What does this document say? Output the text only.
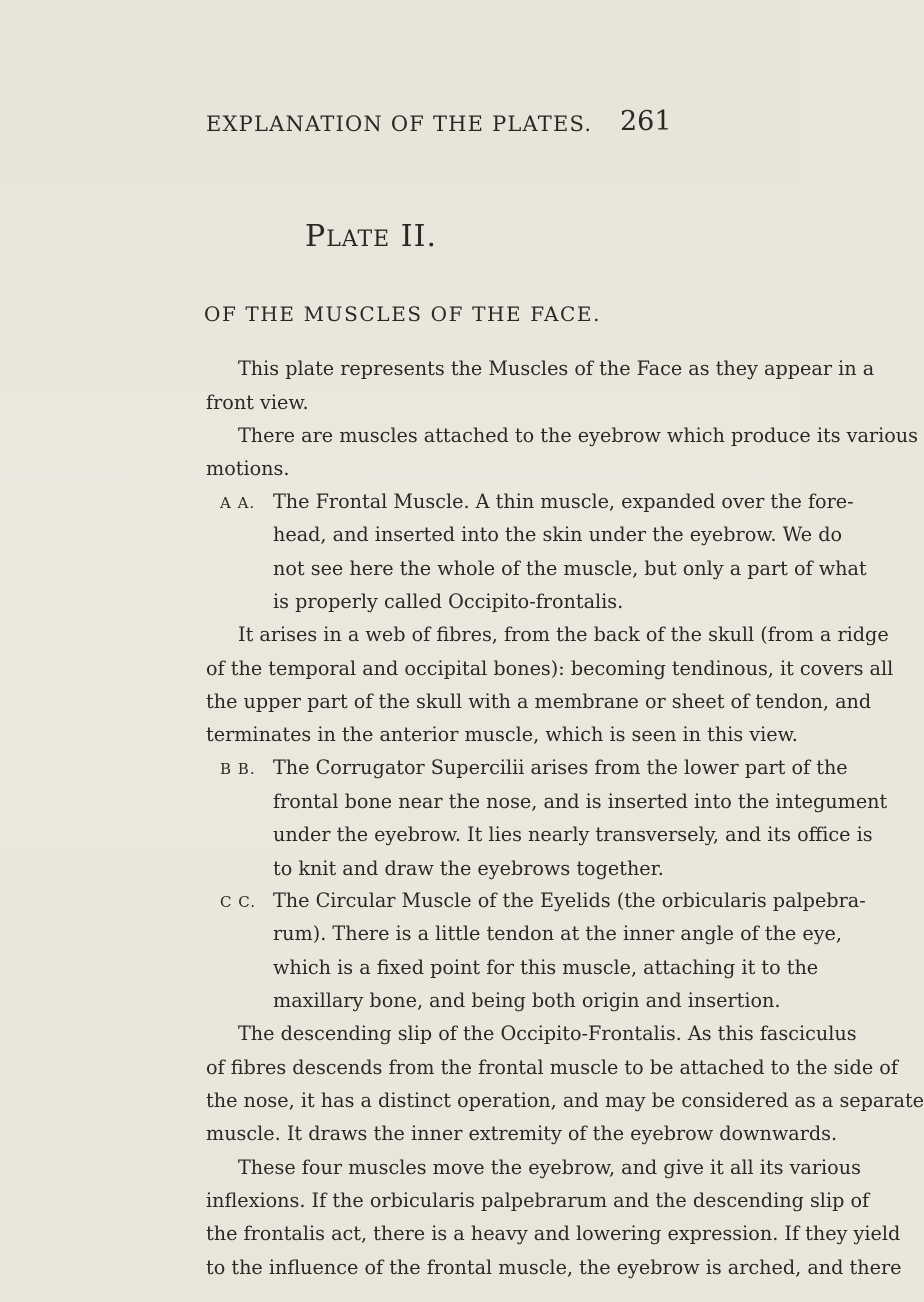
EXPLANATION OF THE PLATES. 261
PLATE II.
OF THE MUSCLES OF THE FACE.
This plate represents the Muscles of the Face as they appear in a
front view.
There are muscles attached to the eyebrow which produce its various
motions.
A A. The Frontal Muscle. A thin muscle, expanded over the fore-
head, and inserted into the skin under the eyebrow. We do
not see here the whole of the muscle, but only a part of what
is properly called Occipito-frontalis.
It arises in a web of fibres, from the back of the skull (from a ridge
of the temporal and occipital bones): becoming tendinous, it covers all
the upper part of the skull with a membrane or sheet of tendon, and
terminates in the anterior muscle, which is seen in this view.
B B. The Corrugator Supercilii arises from the lower part of the
frontal bone near the nose, and is inserted into the integument
under the eyebrow. It lies nearly transversely, and its office is
to knit and draw the eyebrows together.
C C. The Circular Muscle of the Eyelids (the orbicularis palpebra-
rum). There is a little tendon at the inner angle of the eye,
which is a fixed point for this muscle, attaching it to the
maxillary bone, and being both origin and insertion.
The descending slip of the Occipito-Frontalis. As this fasciculus
of fibres descends from the frontal muscle to be attached to the side of
the nose, it has a distinct operation, and may be considered as a separate
muscle. It draws the inner extremity of the eyebrow downwards.
These four muscles move the eyebrow, and give it all its various
inflexions. If the orbicularis palpebrarum and the descending slip of
the frontalis act, there is a heavy and lowering expression. If they yield
to the influence of the frontal muscle, the eyebrow is arched, and there
